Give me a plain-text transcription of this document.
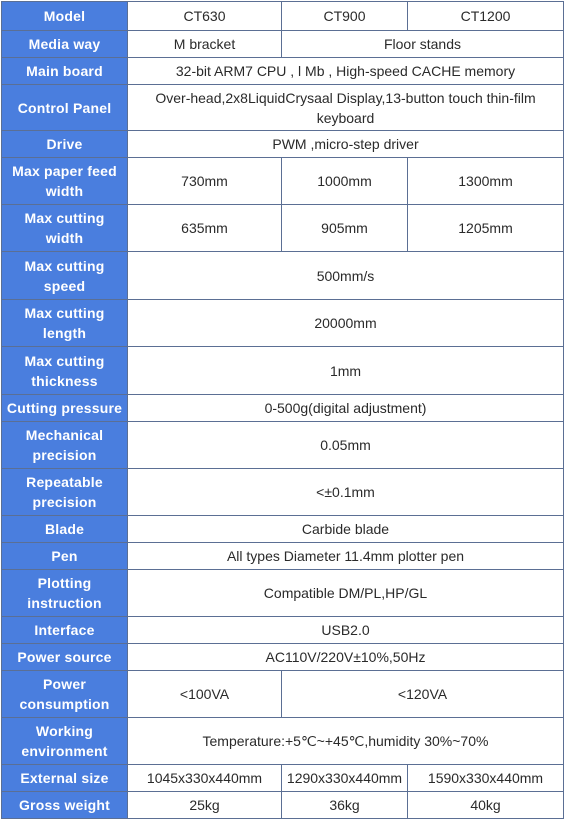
Model	CT630	CT900	CT1200
Media way	M bracket	Floor stands	
Main board	32-bit ARM7 CPU , l Mb , High-speed CACHE memory		
Control Panel	Over-head,2x8LiquidCrysaal Display,13-button touch thin-film keyboard		
Drive	PWM ,micro-step driver		
Max paper feed width	730mm	1000mm	1300mm
Max cutting width	635mm	905mm	1205mm
Max cutting speed	500mm/s		
Max cutting length	20000mm		
Max cutting thickness	1mm		
Cutting pressure	0-500g(digital adjustment)		
Mechanical precision	0.05mm		
Repeatable precision	<±0.1mm		
Blade	Carbide blade		
Pen	All types Diameter 11.4mm plotter pen		
Plotting instruction	Compatible DM/PL,HP/GL		
Interface	USB2.0		
Power source	AC110V/220V±10%,50Hz		
Power consumption	<100VA	<120VA	
Working environment	Temperature:+5℃~+45℃,humidity 30%~70%		
External size	1045x330x440mm	1290x330x440mm	1590x330x440mm
Gross weight	25kg	36kg	40kg
